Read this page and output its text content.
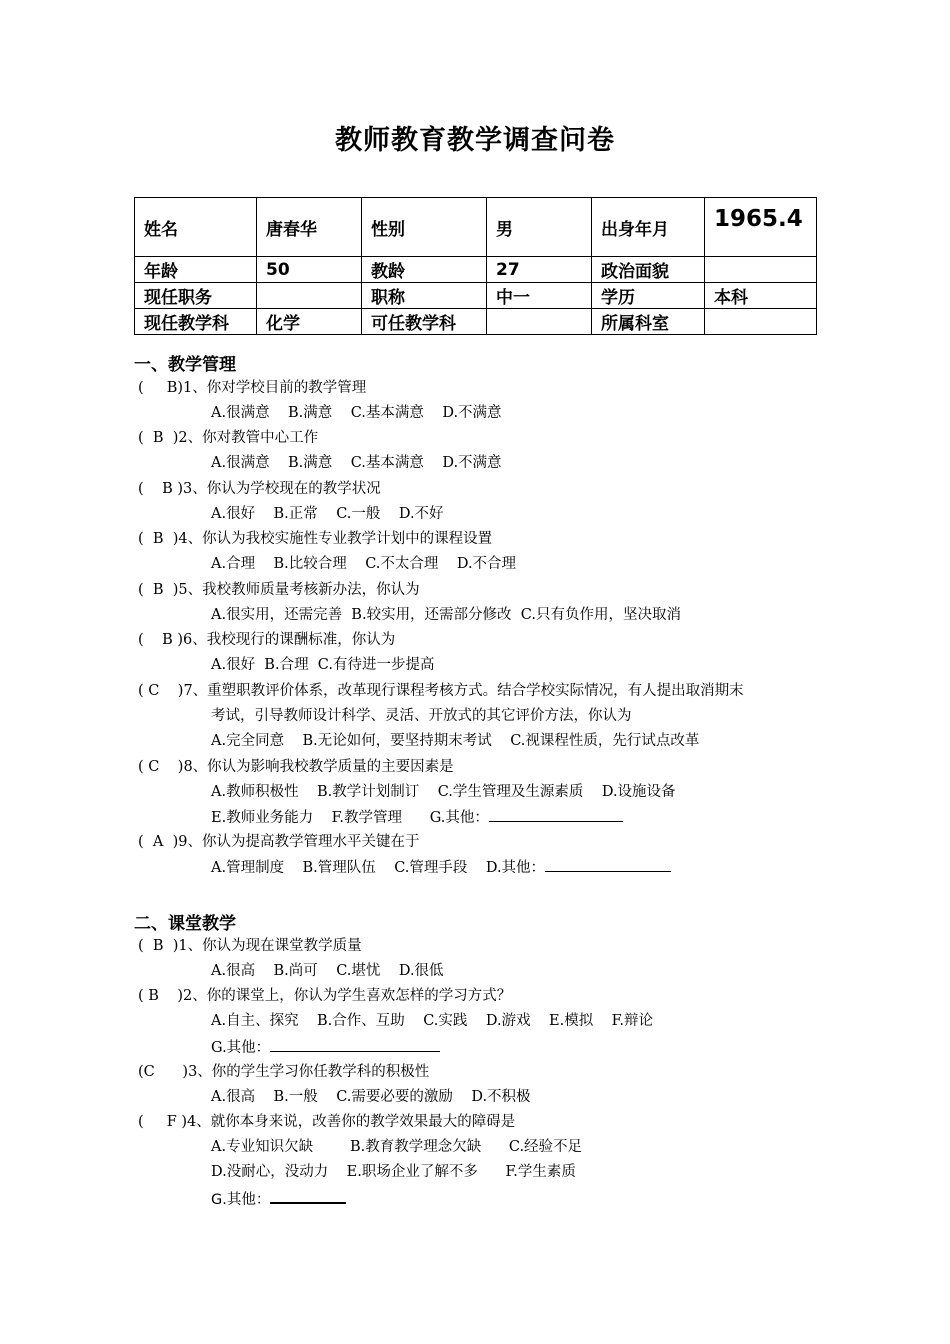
教师教育教学调查问卷
姓名	唐春华	性别	男	出身年月	1965.4
年龄	50	教龄	27	政治面貌	
现任职务		职称	中一	学历	本科
现任教学科	化学	可任教学科		所属科室	
一、教学管理
(     B)1、你对学校目前的教学管理
A.很满意    B.满意    C.基本满意    D.不满意
(  B  )2、你对教管中心工作
A.很满意    B.满意    C.基本满意    D.不满意
(    B )3、你认为学校现在的教学状况
A.很好    B.正常    C.一般    D.不好
(  B  )4、你认为我校实施性专业教学计划中的课程设置
A.合理    B.比较合理    C.不太合理    D.不合理
(  B  )5、我校教师质量考核新办法，你认为
A.很实用，还需完善  B.较实用，还需部分修改  C.只有负作用，坚决取消
(    B )6、我校现行的课酬标准，你认为
A.很好  B.合理  C.有待进一步提高
( C    )7、重塑职教评价体系，改革现行课程考核方式。结合学校实际情况，有人提出取消期末
考试，引导教师设计科学、灵活、开放式的其它评价方法，你认为
A.完全同意    B.无论如何，要坚持期末考试    C.视课程性质，先行试点改革
( C    )8、你认为影响我校教学质量的主要因素是
A.教师积极性    B.教学计划制订    C.学生管理及生源素质    D.设施设备
E.教师业务能力    F.教学管理      G.其他：
(  A  )9、你认为提高教学管理水平关键在于
A.管理制度    B.管理队伍    C.管理手段    D.其他：
二、课堂教学
(  B  )1、你认为现在课堂教学质量
A.很高    B.尚可    C.堪忧    D.很低
( B    )2、你的课堂上，你认为学生喜欢怎样的学习方式？
A.自主、探究    B.合作、互助    C.实践    D.游戏    E.模拟    F.辩论
G.其他：
(C      )3、你的学生学习你任教学科的积极性
A.很高    B.一般    C.需要必要的激励    D.不积极
(     F )4、就你本身来说，改善你的教学效果最大的障碍是
A.专业知识欠缺        B.教育教学理念欠缺      C.经验不足
D.没耐心，没动力    E.职场企业了解不多      F.学生素质
G.其他：
